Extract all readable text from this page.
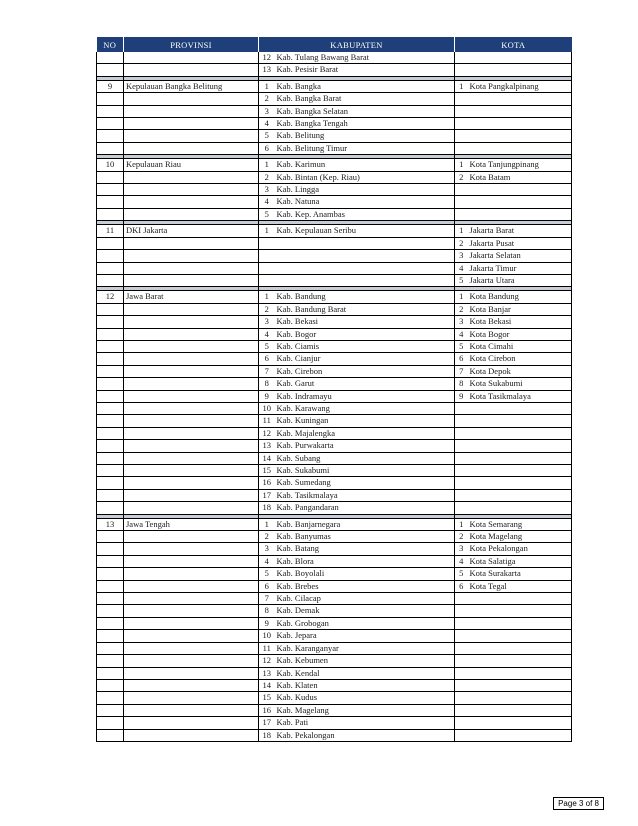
NO	PROVINSI	KABUPATEN		KOTA	
		12	Kab. Tulang Bawang Barat		
		13	Kab. Pesisir Barat		

9	Kepulauan Bangka Belitung	1	Kab. Bangka	1	Kota Pangkalpinang
		2	Kab. Bangka Barat		
		3	Kab. Bangka Selatan		
		4	Kab. Bangka Tengah		
		5	Kab. Belitung		
		6	Kab. Belitung Timur		

10	Kepulauan Riau	1	Kab. Karimun	1	Kota Tanjungpinang
		2	Kab. Bintan (Kep. Riau)	2	Kota Batam
		3	Kab. Lingga		
		4	Kab. Natuna		
		5	Kab. Kep. Anambas		

11	DKI Jakarta	1	Kab. Kepulauan Seribu	1	Jakarta Barat
				2	Jakarta Pusat
				3	Jakarta Selatan
				4	Jakarta Timur
				5	Jakarta Utara

12	Jawa Barat	1	Kab. Bandung	1	Kota Bandung
		2	Kab. Bandung Barat	2	Kota Banjar
		3	Kab. Bekasi	3	Kota Bekasi
		4	Kab. Bogor	4	Kota Bogor
		5	Kab. Ciamis	5	Kota Cimahi
		6	Kab. Cianjur	6	Kota Cirebon
		7	Kab. Cirebon	7	Kota Depok
		8	Kab. Garut	8	Kota Sukabumi
		9	Kab. Indramayu	9	Kota Tasikmalaya
		10	Kab. Karawang		
		11	Kab. Kuningan		
		12	Kab. Majalengka		
		13	Kab. Purwakarta		
		14	Kab. Subang		
		15	Kab. Sukabumi		
		16	Kab. Sumedang		
		17	Kab. Tasikmalaya		
		18	Kab. Pangandaran		

13	Jawa Tengah	1	Kab. Banjarnegara	1	Kota Semarang
		2	Kab. Banyumas	2	Kota Magelang
		3	Kab. Batang	3	Kota Pekalongan
		4	Kab. Blora	4	Kota Salatiga
		5	Kab. Boyolali	5	Kota Surakarta
		6	Kab. Brebes	6	Kota Tegal
		7	Kab. Cilacap		
		8	Kab. Demak		
		9	Kab. Grobogan		
		10	Kab. Jepara		
		11	Kab. Karanganyar		
		12	Kab. Kebumen		
		13	Kab. Kendal		
		14	Kab. Klaten		
		15	Kab. Kudus		
		16	Kab. Magelang		
		17	Kab. Pati		
		18	Kab. Pekalongan		
Page 3 of 8
